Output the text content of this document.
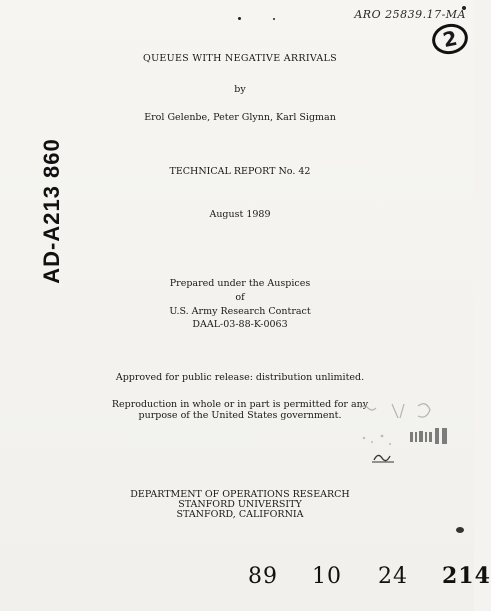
ARO 25839.17-MA
2
AD-A213 860
QUEUES WITH NEGATIVE ARRIVALS
by
Erol Gelenbe, Peter Glynn, Karl Sigman
TECHNICAL REPORT No. 42
August 1989
Prepared under the Auspices
of
U.S. Army Research Contract
DAAL-03-88-K-0063
Approved for public release: distribution unlimited.
Reproduction in whole or in part is permitted for any
purpose of the United States government.
DEPARTMENT OF OPERATIONS RESEARCH
STANFORD UNIVERSITY
STANFORD, CALIFORNIA
89 10 24 214
